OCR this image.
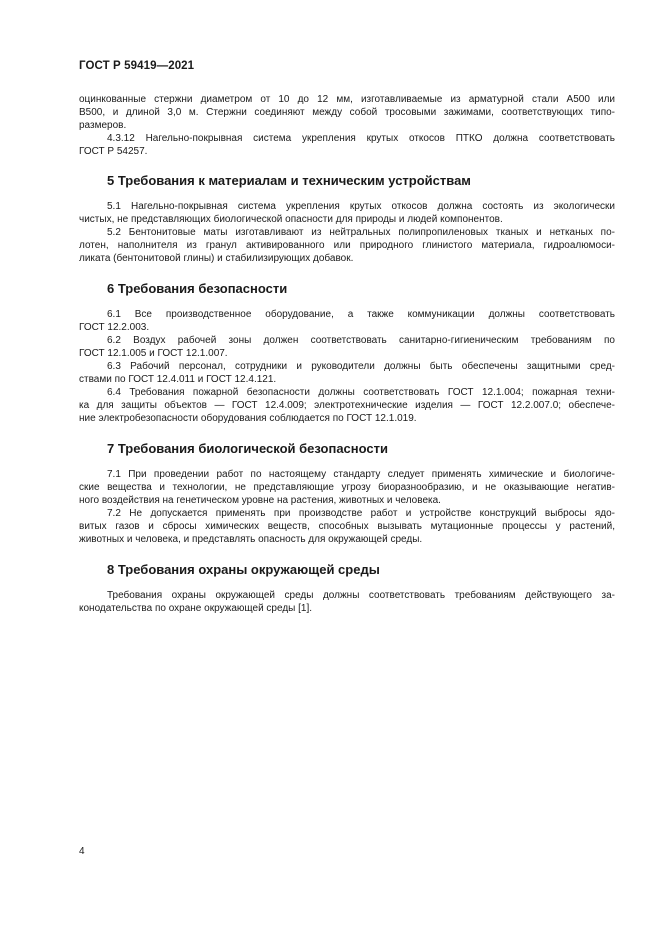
ГОСТ Р 59419—2021
оцинкованные стержни диаметром от 10 до 12 мм, изготавливаемые из арматурной стали А500 или
В500, и длиной 3,0 м. Стержни соединяют между собой тросовыми зажимами, соответствующих типо-
размеров.
4.3.12 Нагельно-покрывная система укрепления крутых откосов ПТКО должна соответствовать
ГОСТ Р 54257.
5 Требования к материалам и техническим устройствам
5.1 Нагельно-покрывная система укрепления крутых откосов должна состоять из экологически
чистых, не представляющих биологической опасности для природы и людей компонентов.
5.2 Бентонитовые маты изготавливают из нейтральных полипропиленовых тканых и нетканых по-
лотен, наполнителя из гранул активированного или природного глинистого материала, гидроалюмоси-
ликата (бентонитовой глины) и стабилизирующих добавок.
6 Требования безопасности
6.1 Все производственное оборудование, а также коммуникации должны соответствовать
ГОСТ 12.2.003.
6.2 Воздух рабочей зоны должен соответствовать санитарно-гигиеническим требованиям по
ГОСТ 12.1.005 и ГОСТ 12.1.007.
6.3 Рабочий персонал, сотрудники и руководители должны быть обеспечены защитными сред-
ствами по ГОСТ 12.4.011 и ГОСТ 12.4.121.
6.4 Требования пожарной безопасности должны соответствовать ГОСТ 12.1.004; пожарная техни-
ка для защиты объектов — ГОСТ 12.4.009; электротехнические изделия — ГОСТ 12.2.007.0; обеспече-
ние электробезопасности оборудования соблюдается по ГОСТ 12.1.019.
7 Требования биологической безопасности
7.1 При проведении работ по настоящему стандарту следует применять химические и биологиче-
ские вещества и технологии, не представляющие угрозу биоразнообразию, и не оказывающие негатив-
ного воздействия на генетическом уровне на растения, животных и человека.
7.2 Не допускается применять при производстве работ и устройстве конструкций выбросы ядо-
витых газов и сбросы химических веществ, способных вызывать мутационные процессы у растений,
животных и человека, и представлять опасность для окружающей среды.
8 Требования охраны окружающей среды
Требования охраны окружающей среды должны соответствовать требованиям действующего за-
конодательства по охране окружающей среды [1].
4
